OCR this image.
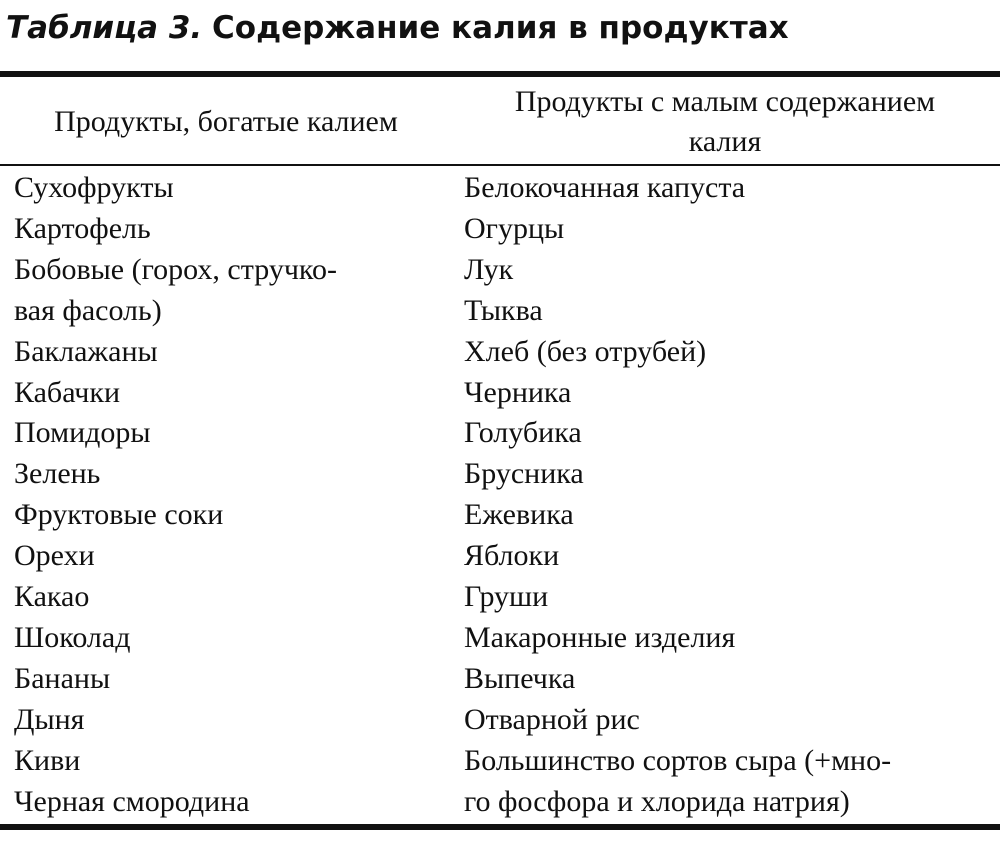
Таблица 3. Содержание калия в продуктах
Продукты, богатые калием
Продукты с малым содержанием
калия
Сухофрукты
Картофель
Бобовые (горох, стручко-
вая фасоль)
Баклажаны
Кабачки
Помидоры
Зелень
Фруктовые соки
Орехи
Какао
Шоколад
Бананы
Дыня
Киви
Черная смородина
Белокочанная капуста
Огурцы
Лук
Тыква
Хлеб (без отрубей)
Черника
Голубика
Брусника
Ежевика
Яблоки
Груши
Макаронные изделия
Выпечка
Отварной рис
Большинство сортов сыра (+мно-
го фосфора и хлорида натрия)
